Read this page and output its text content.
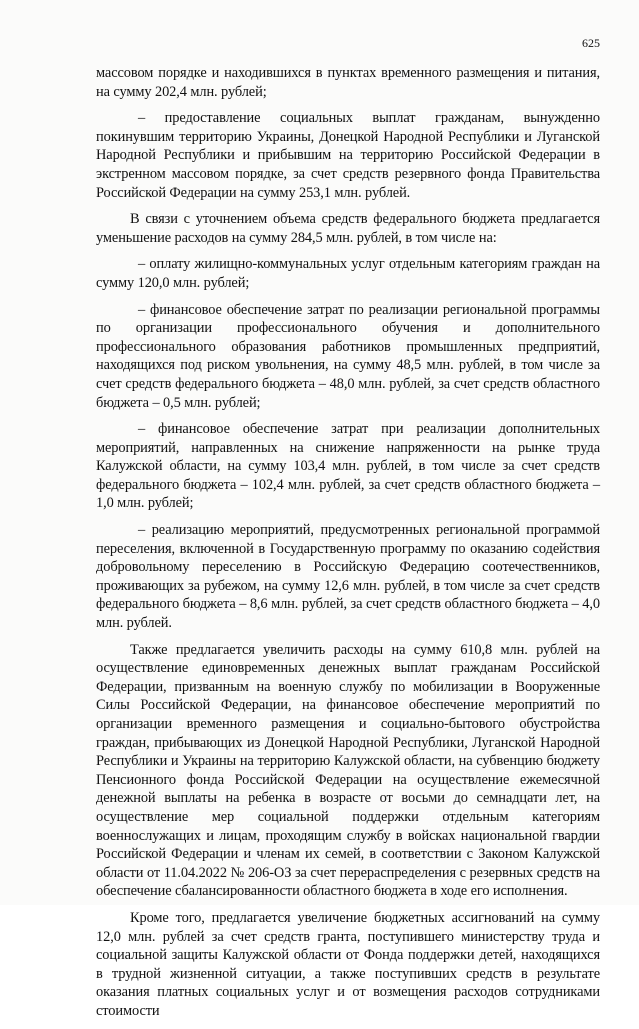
625

массовом порядке и находившихся в пунктах временного размещения и питания, на сумму 202,4 млн. рублей;

– предоставление социальных выплат гражданам, вынужденно покинувшим территорию Украины, Донецкой Народной Республики и Луганской Народной Республики и прибывшим на территорию Российской Федерации в экстренном массовом порядке, за счет средств резервного фонда Правительства Российской Федерации на сумму 253,1 млн. рублей.

В связи с уточнением объема средств федерального бюджета предлагается уменьшение расходов на сумму 284,5 млн. рублей, в том числе на:

– оплату жилищно-коммунальных услуг отдельным категориям граждан на сумму 120,0 млн. рублей;

– финансовое обеспечение затрат по реализации региональной программы по организации профессионального обучения и дополнительного профессионального образования работников промышленных предприятий, находящихся под риском увольнения, на сумму 48,5 млн. рублей, в том числе за счет средств федерального бюджета – 48,0 млн. рублей, за счет средств областного бюджета – 0,5 млн. рублей;

– финансовое обеспечение затрат при реализации дополнительных мероприятий, направленных на снижение напряженности на рынке труда Калужской области, на сумму 103,4 млн. рублей, в том числе за счет средств федерального бюджета – 102,4 млн. рублей, за счет средств областного бюджета – 1,0 млн. рублей;

– реализацию мероприятий, предусмотренных региональной программой переселения, включенной в Государственную программу по оказанию содействия добровольному переселению в Российскую Федерацию соотечественников, проживающих за рубежом, на сумму 12,6 млн. рублей, в том числе за счет средств федерального бюджета – 8,6 млн. рублей, за счет средств областного бюджета – 4,0 млн. рублей.

Также предлагается увеличить расходы на сумму 610,8 млн. рублей на осуществление единовременных денежных выплат гражданам Российской Федерации, призванным на военную службу по мобилизации в Вооруженные Силы Российской Федерации, на финансовое обеспечение мероприятий по организации временного размещения и социально-бытового обустройства граждан, прибывающих из Донецкой Народной Республики, Луганской Народной Республики и Украины на территорию Калужской области, на субвенцию бюджету Пенсионного фонда Российской Федерации на осуществление ежемесячной денежной выплаты на ребенка в возрасте от восьми до семнадцати лет, на осуществление мер социальной поддержки отдельным категориям военнослужащих и лицам, проходящим службу в войсках национальной гвардии Российской Федерации и членам их семей, в соответствии с Законом Калужской области от 11.04.2022 № 206-ОЗ за счет перераспределения с резервных средств на обеспечение сбалансированности областного бюджета в ходе его исполнения.

Кроме того, предлагается увеличение бюджетных ассигнований на сумму 12,0 млн. рублей за счет средств гранта, поступившего министерству труда и социальной защиты Калужской области от Фонда поддержки детей, находящихся в трудной жизненной ситуации, а также поступивших средств в результате оказания платных социальных услуг и от возмещения расходов сотрудниками стоимости
